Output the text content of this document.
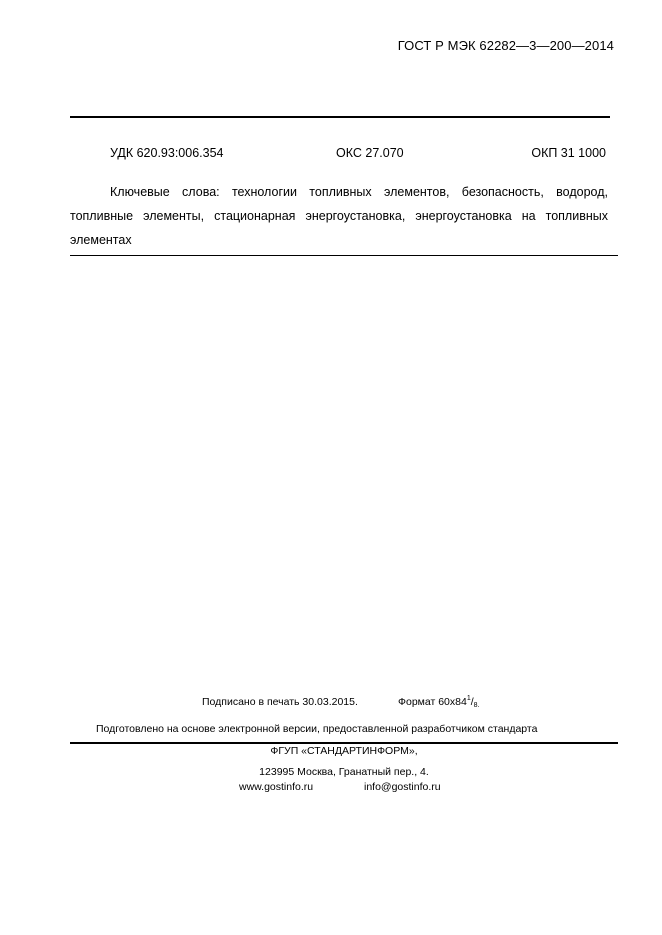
ГОСТ Р МЭК 62282—3—200—2014
УДК 620.93:006.354	ОКС 27.070	ОКП 31 1000
Ключевые слова: технологии топливных элементов, безопасность, водород, топливные элементы, стационарная энергоустановка, энергоустановка на топливных элементах
Подписано в печать 30.03.2015.	Формат $60x84^1/8$.
Подготовлено на основе электронной версии, предоставленной разработчиком стандарта
ФГУП «СТАНДАРТИНФОРМ»,
123995 Москва, Гранатный пер., 4.
www.gostinfo.ru	info@gostinfo.ru
